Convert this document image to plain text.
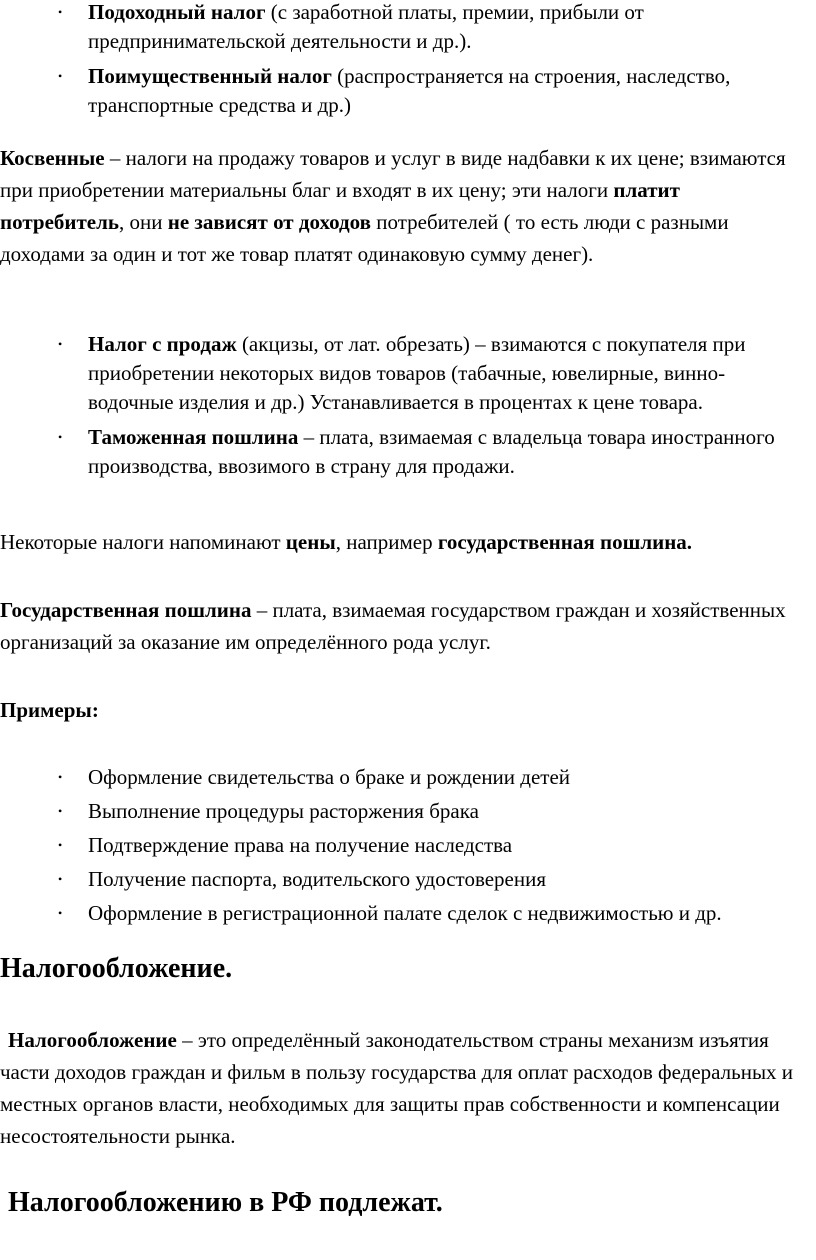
• Подоходный налог (с заработной платы, премии, прибыли от предпринимательской деятельности и др.).
• Поимущественный налог (распространяется на строения, наследство, транспортные средства и др.)

Косвенные – налоги на продажу товаров и услуг в виде надбавки к их цене; взимаются при приобретении материальны благ и входят в их цену; эти налоги платит потребитель, они не зависят от доходов потребителей ( то есть люди с разными доходами за один и тот же товар платят одинаковую сумму денег).

• Налог с продаж (акцизы, от лат. обрезать) – взимаются с покупателя при приобретении некоторых видов товаров (табачные, ювелирные, винно-водочные изделия и др.) Устанавливается в процентах к цене товара.
• Таможенная пошлина – плата, взимаемая с владельца товара иностранного производства, ввозимого в страну для продажи.

Некоторые налоги напоминают цены, например государственная пошлина.

Государственная пошлина – плата, взимаемая государством граждан и хозяйственных организаций за оказание им определённого рода услуг.

Примеры:

• Оформление свидетельства о браке и рождении детей
• Выполнение процедуры расторжения брака
• Подтверждение права на получение наследства
• Получение паспорта, водительского удостоверения
• Оформление в регистрационной палате сделок с недвижимостью и др.
Налогообложение.

Налогообложение – это определённый законодательством страны механизм изъятия части доходов граждан и фильм в пользу государства для оплат расходов федеральных и местных органов власти, необходимых для защиты прав собственности и компенсации несостоятельности рынка.

Налогообложению в РФ подлежат.
